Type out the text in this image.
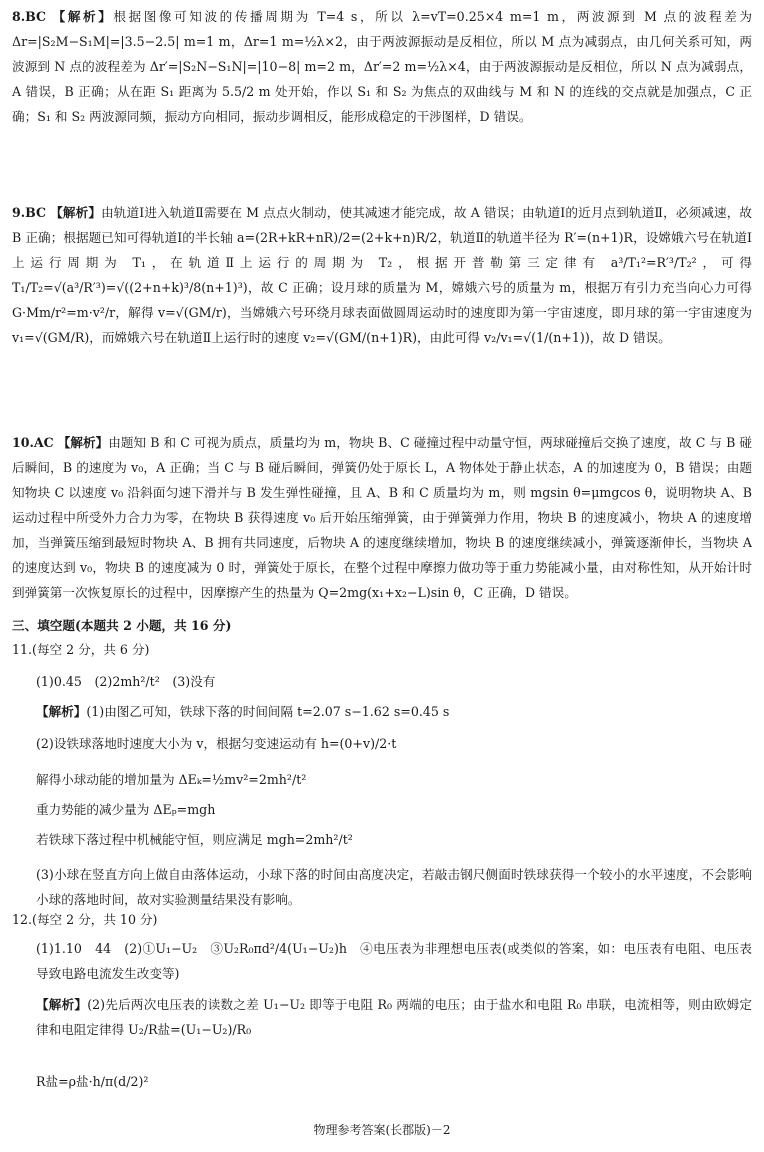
8.BC 【解析】根据图像可知波的传播周期为 T=4 s，所以 λ=vT=0.25×4 m=1 m，两波源到 M 点的波程差为 Δr=|S₂M−S₁M|=|3.5−2.5| m=1 m，Δr=1 m=½λ×2，由于两波源振动是反相位，所以 M 点为减弱点，由几何关系可知，两波源到 N 点的波程差为 Δr′=|S₂N−S₁N|=|10−8| m=2 m，Δr′=2 m=½λ×4，由于两波源振动是反相位，所以 N 点为减弱点，A 错误，B 正确；从在距 S₁ 距离为 5.5/2 m 处开始，作以 S₁ 和 S₂ 为焦点的双曲线与 M 和 N 的连线的交点就是加强点，C 正确；S₁ 和 S₂ 两波源同频，振动方向相同，振动步调相反，能形成稳定的干涉图样，D 错误。
9.BC 【解析】由轨道Ⅰ进入轨道Ⅱ需要在 M 点点火制动，使其减速才能完成，故 A 错误；由轨道Ⅰ的近月点到轨道Ⅱ，必须减速，故 B 正确；根据题已知可得轨道Ⅰ的半长轴 a=(2R+kR+nR)/2=(2+k+n)R/2，轨道Ⅱ的轨道半径为 R′=(n+1)R，设嫦娥六号在轨道Ⅰ上运行周期为 T₁，在轨道Ⅱ上运行的周期为 T₂，根据开普勒第三定律有 a³/T₁²=R′³/T₂²，可得 T₁/T₂=√(a³/R′³)=√((2+n+k)³/8(n+1)³)，故 C 正确；设月球的质量为 M，嫦娥六号的质量为 m，根据万有引力充当向心力可得 G·Mm/r²=m·v²/r，解得 v=√(GM/r)，当嫦娥六号环绕月球表面做圆周运动时的速度即为第一宇宙速度，即月球的第一宇宙速度为 v₁=√(GM/R)，而嫦娥六号在轨道Ⅱ上运行时的速度 v₂=√(GM/(n+1)R)，由此可得 v₂/v₁=√(1/(n+1))，故 D 错误。
10.AC 【解析】由题知 B 和 C 可视为质点，质量均为 m，物块 B、C 碰撞过程中动量守恒，两球碰撞后交换了速度，故 C 与 B 碰后瞬间，B 的速度为 v₀，A 正确；当 C 与 B 碰后瞬间，弹簧仍处于原长 L，A 物体处于静止状态，A 的加速度为 0，B 错误；由题知物块 C 以速度 v₀ 沿斜面匀速下滑并与 B 发生弹性碰撞，且 A、B 和 C 质量均为 m，则 mgsin θ=μmgcos θ，说明物块 A、B 运动过程中所受外力合力为零，在物块 B 获得速度 v₀ 后开始压缩弹簧，由于弹簧弹力作用，物块 B 的速度减小，物块 A 的速度增加，当弹簧压缩到最短时物块 A、B 拥有共同速度，后物块 A 的速度继续增加，物块 B 的速度继续减小，弹簧逐渐伸长，当物块 A 的速度达到 v₀，物块 B 的速度减为 0 时，弹簧处于原长，在整个过程中摩擦力做功等于重力势能减小量，由对称性知，从开始计时到弹簧第一次恢复原长的过程中，因摩擦产生的热量为 Q=2mg(x₁+x₂−L)sin θ，C 正确，D 错误。
三、填空题(本题共 2 小题，共 16 分)
11.(每空 2 分，共 6 分)
(1)0.45　(2)2mh²/t²　(3)没有
【解析】(1)由图乙可知，铁球下落的时间间隔 t=2.07 s−1.62 s=0.45 s
(2)设铁球落地时速度大小为 v，根据匀变速运动有 h=(0+v)/2·t
解得小球动能的增加量为 ΔEₖ=½mv²=2mh²/t²
重力势能的减少量为 ΔEₚ=mgh
若铁球下落过程中机械能守恒，则应满足 mgh=2mh²/t²
(3)小球在竖直方向上做自由落体运动，小球下落的时间由高度决定，若敲击钢尺侧面时铁球获得一个较小的水平速度，不会影响小球的落地时间，故对实验测量结果没有影响。
12.(每空 2 分，共 10 分)
(1)1.10　44　(2)①U₁−U₂　③U₂R₀πd²/4(U₁−U₂)h　④电压表为非理想电压表(或类似的答案，如：电压表有电阻、电压表导致电路电流发生改变等)
【解析】(2)先后两次电压表的读数之差 U₁−U₂ 即等于电阻 R₀ 两端的电压；由于盐水和电阻 R₀ 串联，电流相等，则由欧姆定律和电阻定律得 U₂/R盐=(U₁−U₂)/R₀
R盐=ρ盐·h/π(d/2)²
物理参考答案(长郡版)－2
